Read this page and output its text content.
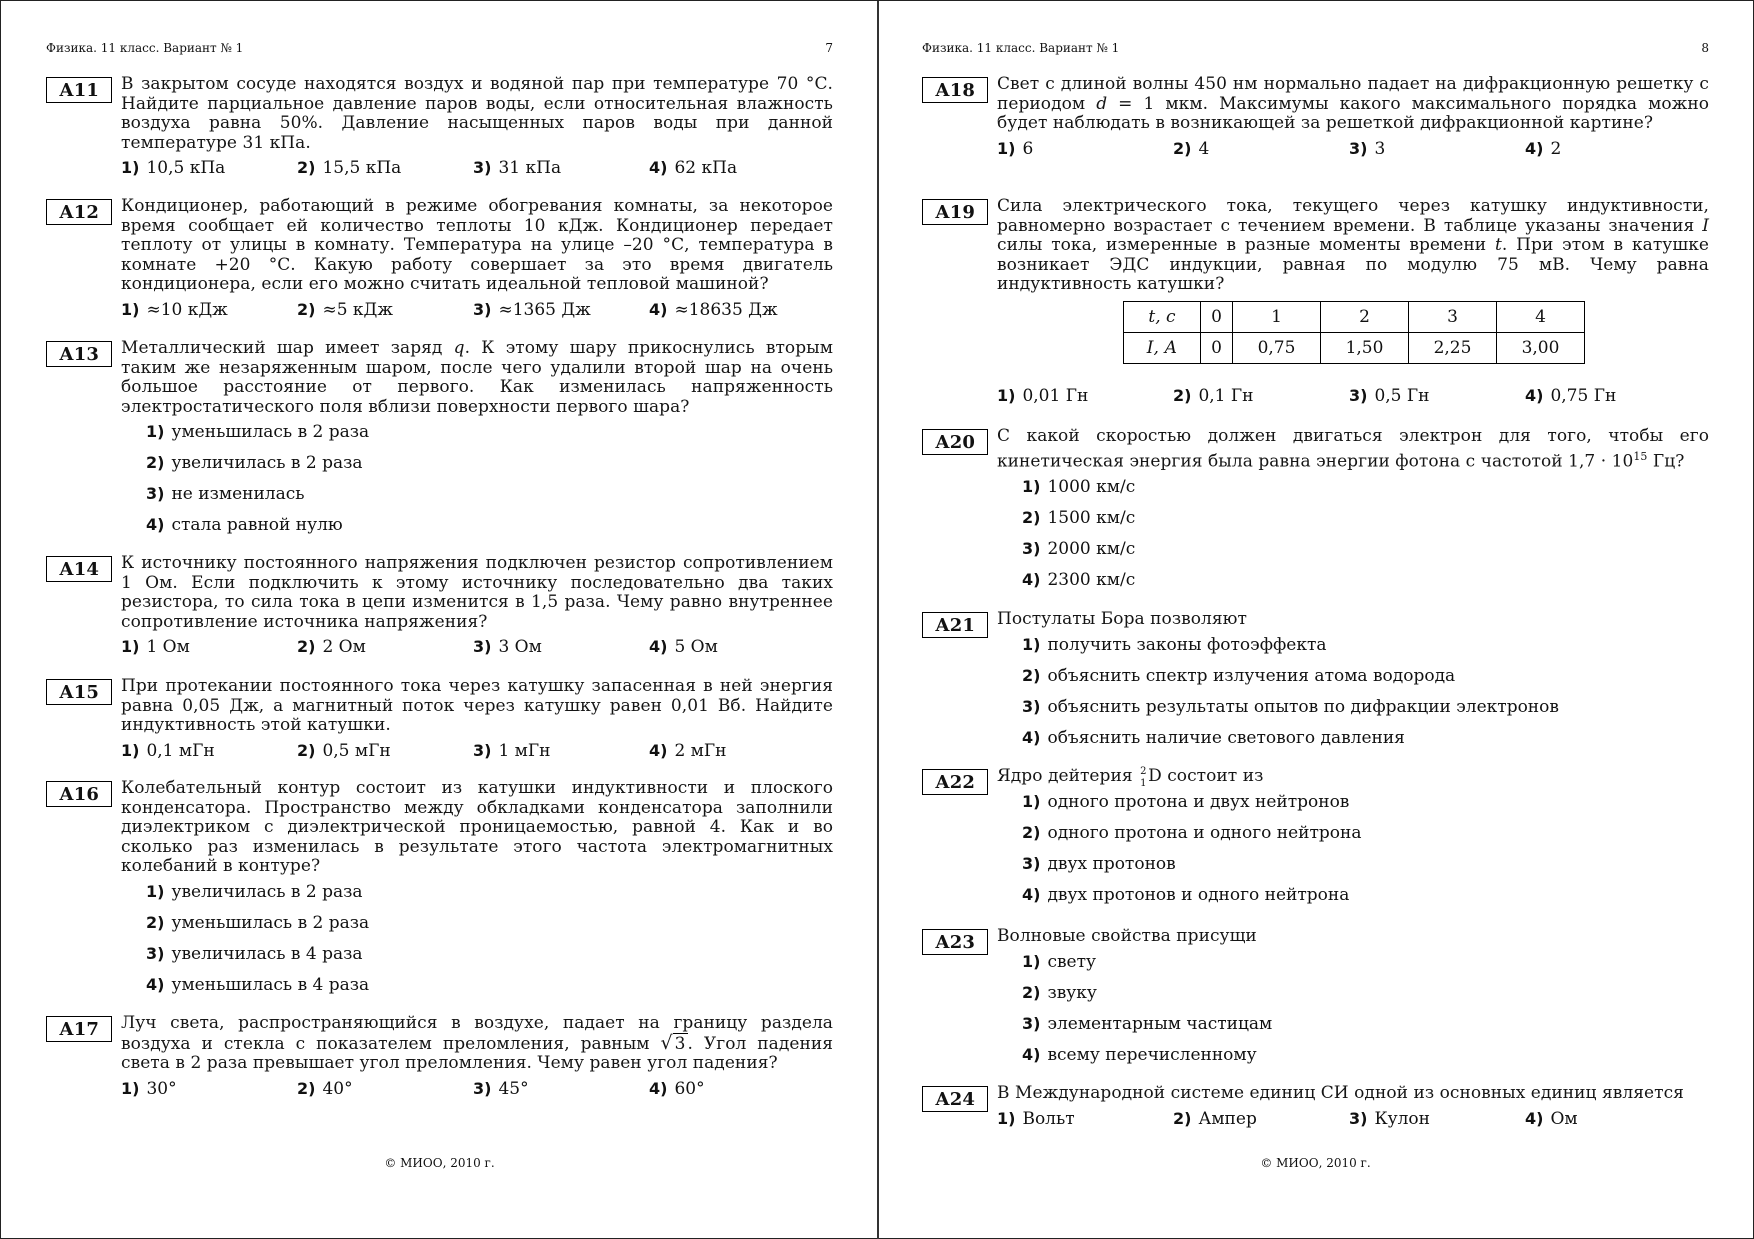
Физика. 11 класс. Вариант № 1	7
А11	В закрытом сосуде находятся воздух и водяной пар при температуре 70 °С. Найдите парциальное давление паров воды, если относительная влажность воздуха равна 50%. Давление насыщенных паров воды при данной температуре 31 кПа.
1 ) 10,5 кПа	2 ) 15,5 кПа	3 ) 31 кПа	4 ) 62 кПа
А12	Кондиционер, работающий в режиме обогревания комнаты, за некоторое время сообщает ей количество теплоты 10 кДж. Кондиционер передает теплоту от улицы в комнату. Температура на улице –20 °С, температура в комнате +20 °С. Какую работу совершает за это время двигатель кондиционера, если его можно считать идеальной тепловой машиной?
1 ) ≈10 кДж	2 ) ≈5 кДж	3 ) ≈1365 Дж	4 ) ≈18635 Дж
А13	Металлический шар имеет заряд q. К этому шару прикоснулись вторым таким же незаряженным шаром, после чего удалили второй шар на очень большое расстояние от первого. Как изменилась напряженность электростатического поля вблизи поверхности первого шара?
1 ) уменьшилась в 2 раза
2 ) увеличилась в 2 раза
3 ) не изменилась
4 ) стала равной нулю
А14	К источнику постоянного напряжения подключен резистор сопротивлением 1 Ом. Если подключить к этому источнику последовательно два таких резистора, то сила тока в цепи изменится в 1,5 раза. Чему равно внутреннее сопротивление источника напряжения?
1 ) 1 Ом	2 ) 2 Ом	3 ) 3 Ом	4 ) 5 Ом
А15	При протекании постоянного тока через катушку запасенная в ней энергия равна 0,05 Дж, а магнитный поток через катушку равен 0,01 Вб. Найдите индуктивность этой катушки.
1 ) 0,1 мГн	2 ) 0,5 мГн	3 ) 1 мГн	4 ) 2 мГн
А16	Колебательный контур состоит из катушки индуктивности и плоского конденсатора. Пространство между обкладками конденсатора заполнили диэлектриком с диэлектрической проницаемостью, равной 4. Как и во сколько раз изменилась в результате этого частота электромагнитных колебаний в контуре?
1 ) увеличилась в 2 раза
2 ) уменьшилась в 2 раза
3 ) увеличилась в 4 раза
4 ) уменьшилась в 4 раза
А17	Луч света, распространяющийся в воздухе, падает на границу раздела воздуха и стекла с показателем преломления, равным √ 3 . Угол падения света в 2 раза превышает угол преломления. Чему равен угол падения?
1 ) 30°	2 ) 40°	3 ) 45°	4 ) 60°
© МИОО, 2010 г.
Физика. 11 класс. Вариант № 1	8
А18	Свет с длиной волны 450 нм нормально падает на дифракционную решетку с периодом d = 1 мкм. Максимумы какого максимального порядка можно будет наблюдать в возникающей за решеткой дифракционной картине?
1 ) 6	2 ) 4	3 ) 3	4 ) 2
А19	Сила электрического тока, текущего через катушку индуктивности, равномерно возрастает с течением времени. В таблице указаны значения I силы тока, измеренные в разные моменты времени t. При этом в катушке возникает ЭДС индукции, равная по модулю 75 мВ. Чему равна индуктивность катушки?
t, с	0	1	2	3	4
I, А	0	0,75	1,50	2,25	3,00
1 ) 0,01 Гн	2 ) 0,1 Гн	3 ) 0,5 Гн	4 ) 0,75 Гн
А20	С какой скоростью должен двигаться электрон для того, чтобы его кинетическая энергия была равна энергии фотона с частотой $1,7 \cdot 10^{15}$ Гц?
1 ) 1000 км/с
2 ) 1500 км/с
3 ) 2000 км/с
4 ) 2300 км/с
А21	Постулаты Бора позволяют
1 ) получить законы фотоэффекта
2 ) объяснить спектр излучения атома водорода
3 ) объяснить результаты опытов по дифракции электронов
4 ) объяснить наличие светового давления
А22	Ядро дейтерия 2
1 D состоит из
1 ) одного протона и двух нейтронов
2 ) одного протона и одного нейтрона
3 ) двух протонов
4 ) двух протонов и одного нейтрона
А23	Волновые свойства присущи
1 ) свету
2 ) звуку
3 ) элементарным частицам
4 ) всему перечисленному
А24	В Международной системе единиц СИ одной из основных единиц является
1 ) Вольт	2 ) Ампер	3 ) Кулон	4 ) Ом
© МИОО, 2010 г.
